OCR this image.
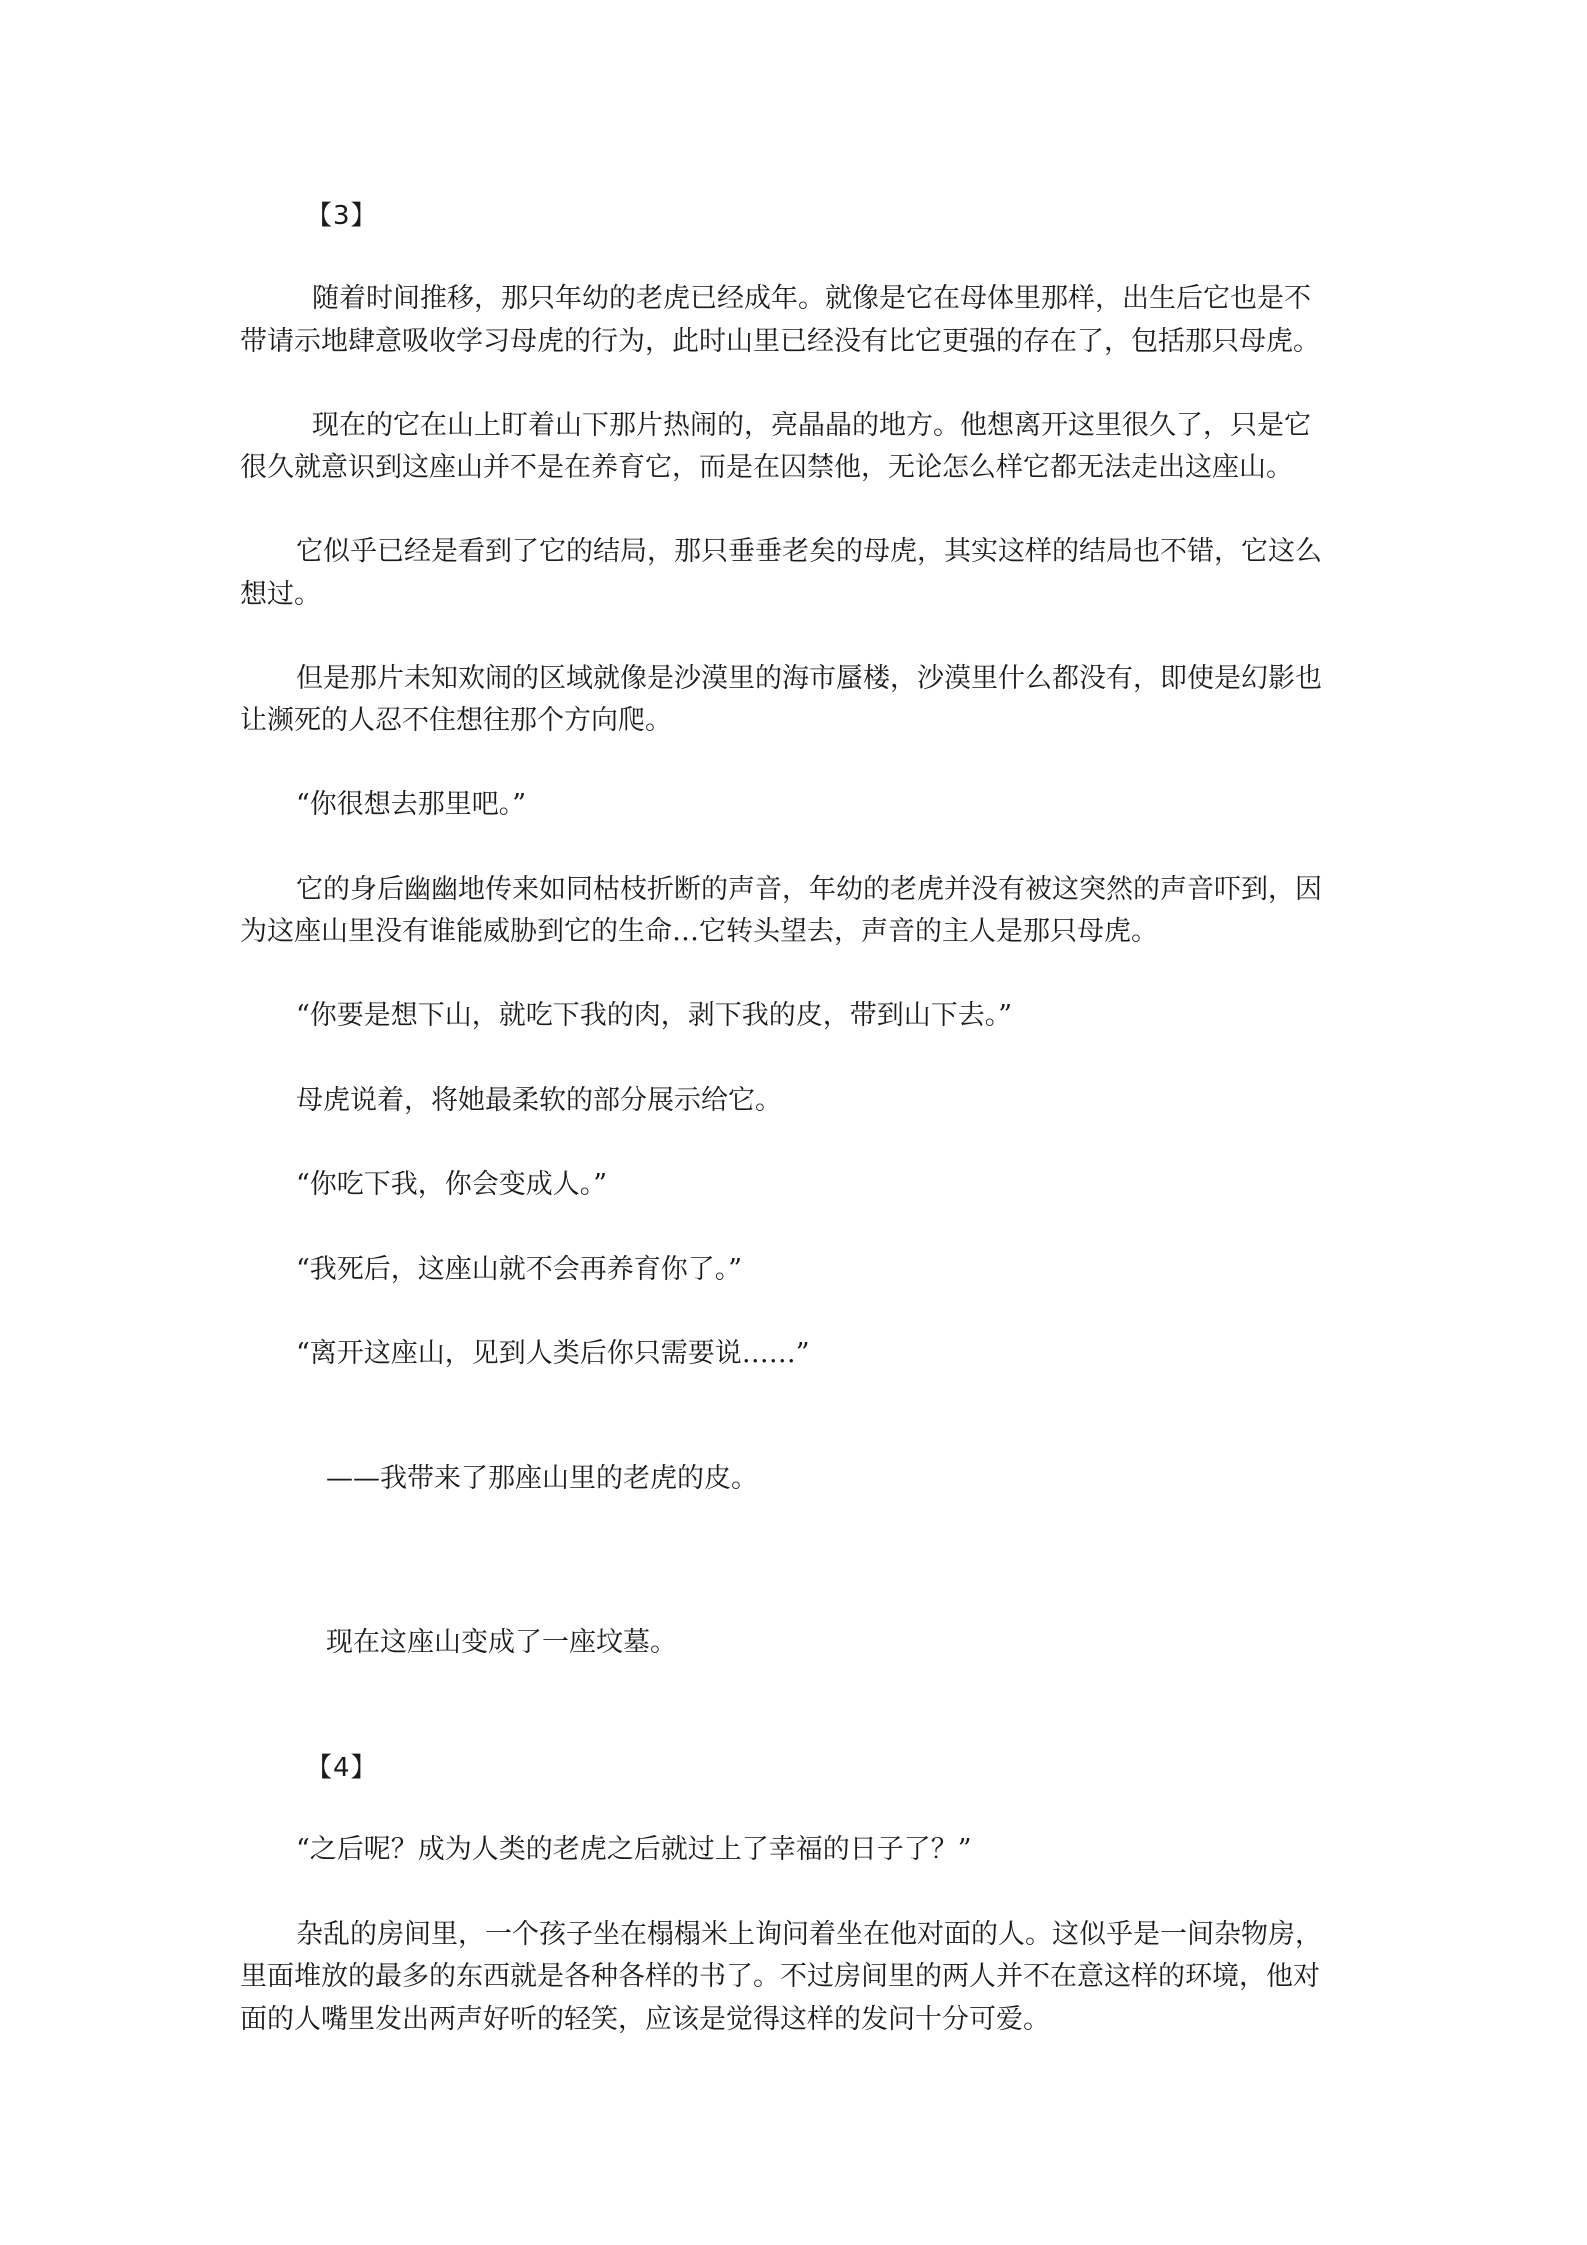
【3】

随着时间推移，那只年幼的老虎已经成年。就像是它在母体里那样，出生后它也是不

带请示地肆意吸收学习母虎的行为，此时山里已经没有比它更强的存在了，包括那只母虎。

现在的它在山上盯着山下那片热闹的，亮晶晶的地方。他想离开这里很久了，只是它

很久就意识到这座山并不是在养育它，而是在囚禁他，无论怎么样它都无法走出这座山。

它似乎已经是看到了它的结局，那只垂垂老矣的母虎，其实这样的结局也不错，它这么

想过。

但是那片未知欢闹的区域就像是沙漠里的海市蜃楼，沙漠里什么都没有，即使是幻影也

让濒死的人忍不住想往那个方向爬。

“你很想去那里吧。”

它的身后幽幽地传来如同枯枝折断的声音，年幼的老虎并没有被这突然的声音吓到，因

为这座山里没有谁能威胁到它的生命…它转头望去，声音的主人是那只母虎。

“你要是想下山，就吃下我的肉，剥下我的皮，带到山下去。”

母虎说着，将她最柔软的部分展示给它。

“你吃下我，你会变成人。”

“我死后，这座山就不会再养育你了。”

“离开这座山，见到人类后你只需要说……”

——我带来了那座山里的老虎的皮。

现在这座山变成了一座坟墓。

【4】

“之后呢？成为人类的老虎之后就过上了幸福的日子了？”

杂乱的房间里，一个孩子坐在榻榻米上询问着坐在他对面的人。这似乎是一间杂物房，

里面堆放的最多的东西就是各种各样的书了。不过房间里的两人并不在意这样的环境，他对

面的人嘴里发出两声好听的轻笑，应该是觉得这样的发问十分可爱。
